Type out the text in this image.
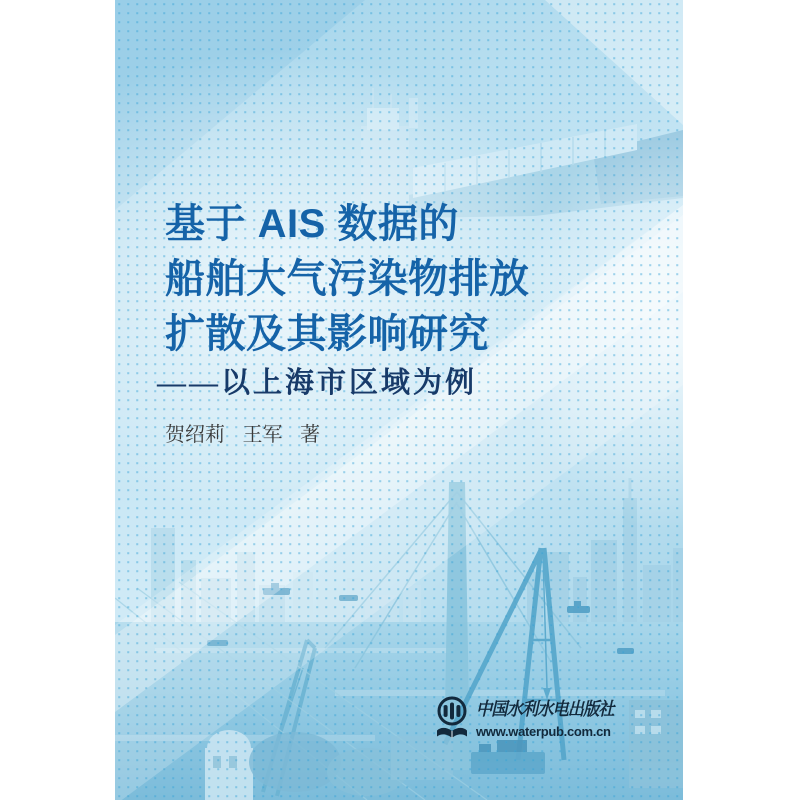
基于 AIS 数据的
船舶大气污染物排放
扩散及其影响研究
——以上海市区域为例
贺绍莉 王军 著
中国水利水电出版社
www.waterpub.com.cn
